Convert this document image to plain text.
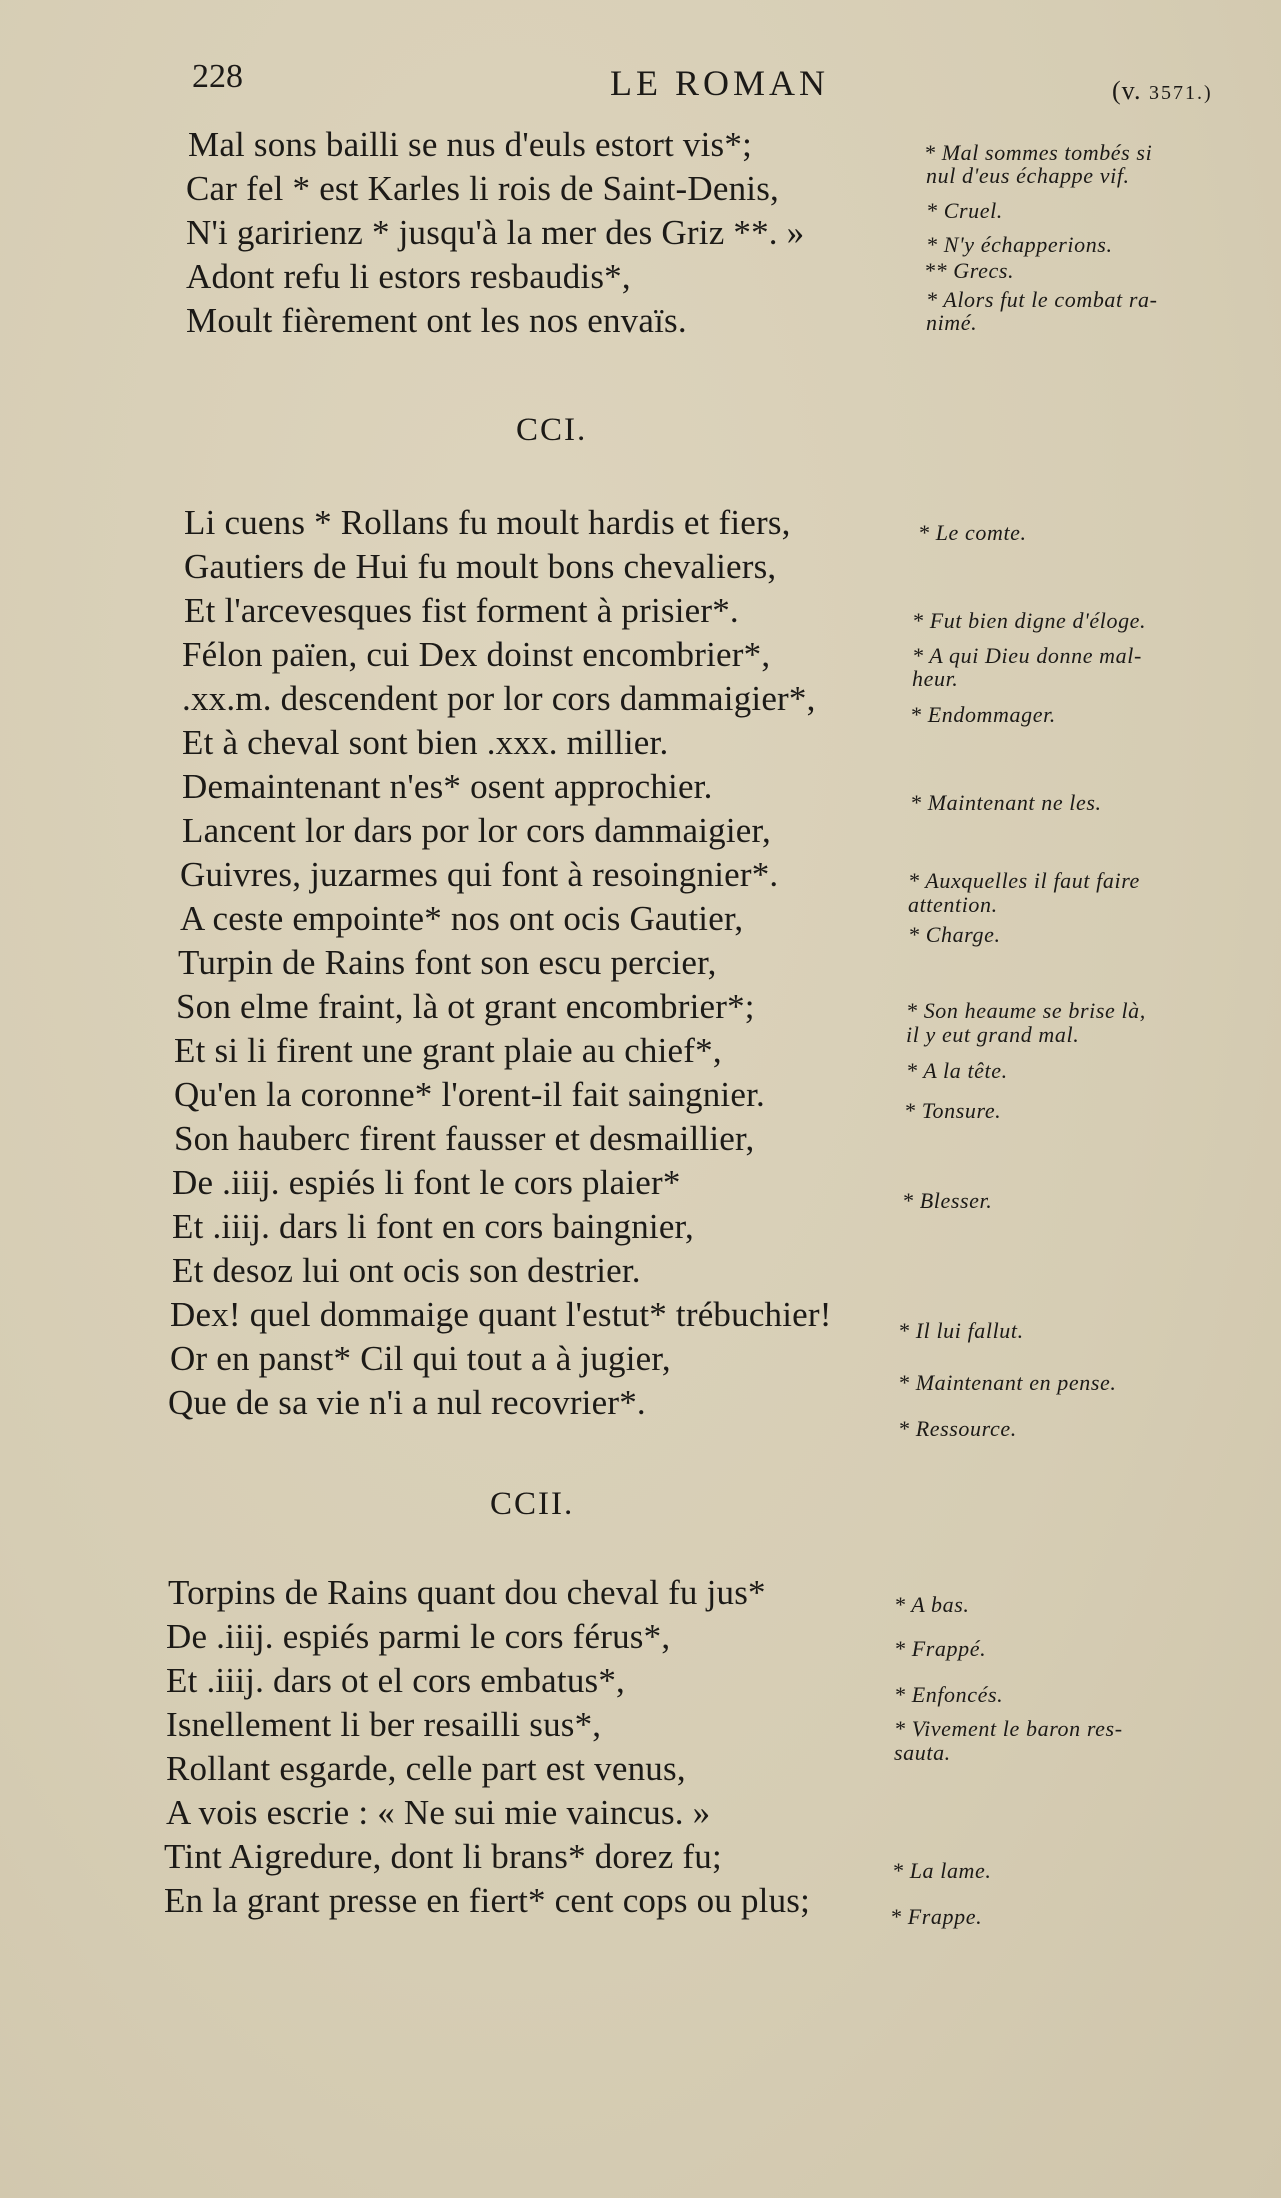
228	LE ROMAN	(v. 3571.)
Mal sons bailli se nus d'euls estort vis*;
Car fel * est Karles li rois de Saint-Denis,
N'i garirienz * jusqu'à la mer des Griz **. »
Adont refu li estors resbaudis*,
Moult fièrement ont les nos envaïs.
* Mal sommes tombés si
nul d'eus échappe vif.
* Cruel.
* N'y échapperions.
** Grecs.
* Alors fut le combat ra-
nimé.
CCI.
Li cuens * Rollans fu moult hardis et fiers,
Gautiers de Hui fu moult bons chevaliers,
Et l'arcevesques fist forment à prisier*.
Félon païen, cui Dex doinst encombrier*,
.xx.m. descendent por lor cors dammaigier*,
Et à cheval sont bien .xxx. millier.
Demaintenant n'es* osent approchier.
Lancent lor dars por lor cors dammaigier,
Guivres, juzarmes qui font à resoingnier*.
A ceste empointe* nos ont ocis Gautier,
Turpin de Rains font son escu percier,
Son elme fraint, là ot grant encombrier*;
Et si li firent une grant plaie au chief*,
Qu'en la coronne* l'orent-il fait saingnier.
Son hauberc firent fausser et desmaillier,
De .iiij. espiés li font le cors plaier*
Et .iiij. dars li font en cors baingnier,
Et desoz lui ont ocis son destrier.
Dex! quel dommaige quant l'estut* trébuchier!
Or en panst* Cil qui tout a à jugier,
Que de sa vie n'i a nul recovrier*.
* Le comte.
* Fut bien digne d'éloge.
* A qui Dieu donne mal-
heur.
* Endommager.
* Maintenant ne les.
* Auxquelles il faut faire
attention.
* Charge.
* Son heaume se brise là,
il y eut grand mal.
* A la tête.
* Tonsure.
* Blesser.
* Il lui fallut.
* Maintenant en pense.
* Ressource.
CCII.
Torpins de Rains quant dou cheval fu jus*
De .iiij. espiés parmi le cors férus*,
Et .iiij. dars ot el cors embatus*,
Isnellement li ber resailli sus*,
Rollant esgarde, celle part est venus,
A vois escrie : « Ne sui mie vaincus. »
Tint Aigredure, dont li brans* dorez fu;
En la grant presse en fiert* cent cops ou plus;
* A bas.
* Frappé.
* Enfoncés.
* Vivement le baron res-
sauta.
* La lame.
* Frappe.
